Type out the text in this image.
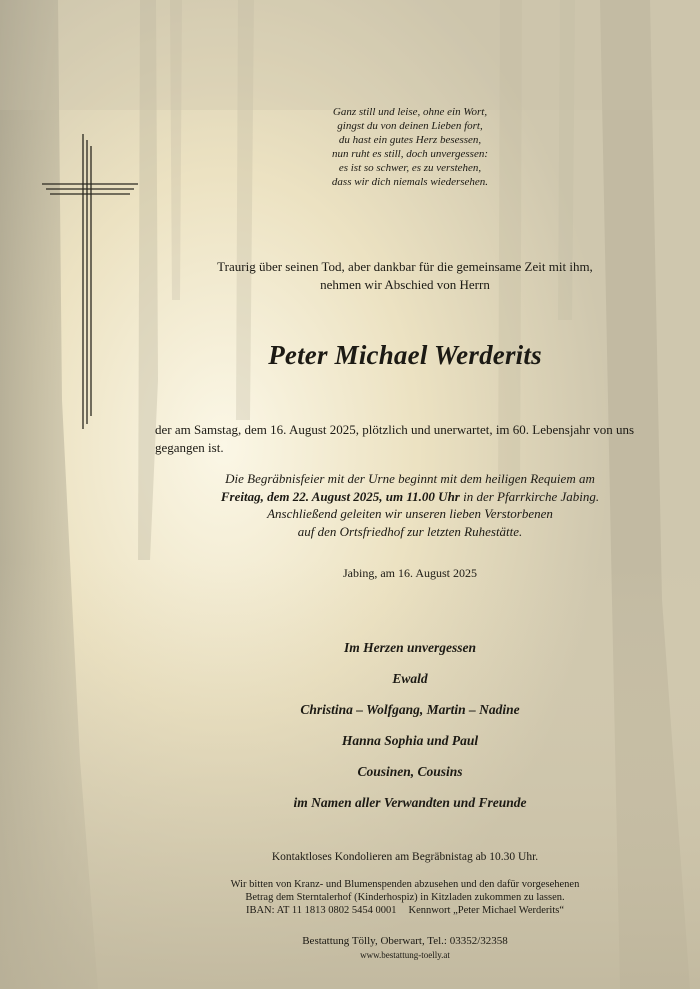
Ganz still und leise, ohne ein Wort,
gingst du von deinen Lieben fort,
du hast ein gutes Herz besessen,
nun ruht es still, doch unvergessen:
es ist so schwer, es zu verstehen,
dass wir dich niemals wiedersehen.
Traurig über seinen Tod, aber dankbar für die gemeinsame Zeit mit ihm,
nehmen wir Abschied von Herrn
Peter Michael Werderits
der am Samstag, dem 16. August 2025, plötzlich und unerwartet, im 60. Lebensjahr von uns
gegangen ist.
Die Begräbnisfeier mit der Urne beginnt mit dem heiligen Requiem am
Freitag, dem 22. August 2025, um 11.00 Uhr in der Pfarrkirche Jabing.
Anschließend geleiten wir unseren lieben Verstorbenen
auf den Ortsfriedhof zur letzten Ruhestätte.
Jabing, am 16. August 2025
Im Herzen unvergessen
Ewald
Christina – Wolfgang, Martin – Nadine
Hanna Sophia und Paul
Cousinen, Cousins
im Namen aller Verwandten und Freunde
Kontaktloses Kondolieren am Begräbnistag ab 10.30 Uhr.
Wir bitten von Kranz- und Blumenspenden abzusehen und den dafür vorgesehenen
Betrag dem Sterntalerhof (Kinderhospiz) in Kitzladen zukommen zu lassen.
IBAN: AT 11 1813 0802 5454 0001 Kennwort „Peter Michael Werderits“
Bestattung Tölly, Oberwart, Tel.: 03352/32358
www.bestattung-toelly.at
